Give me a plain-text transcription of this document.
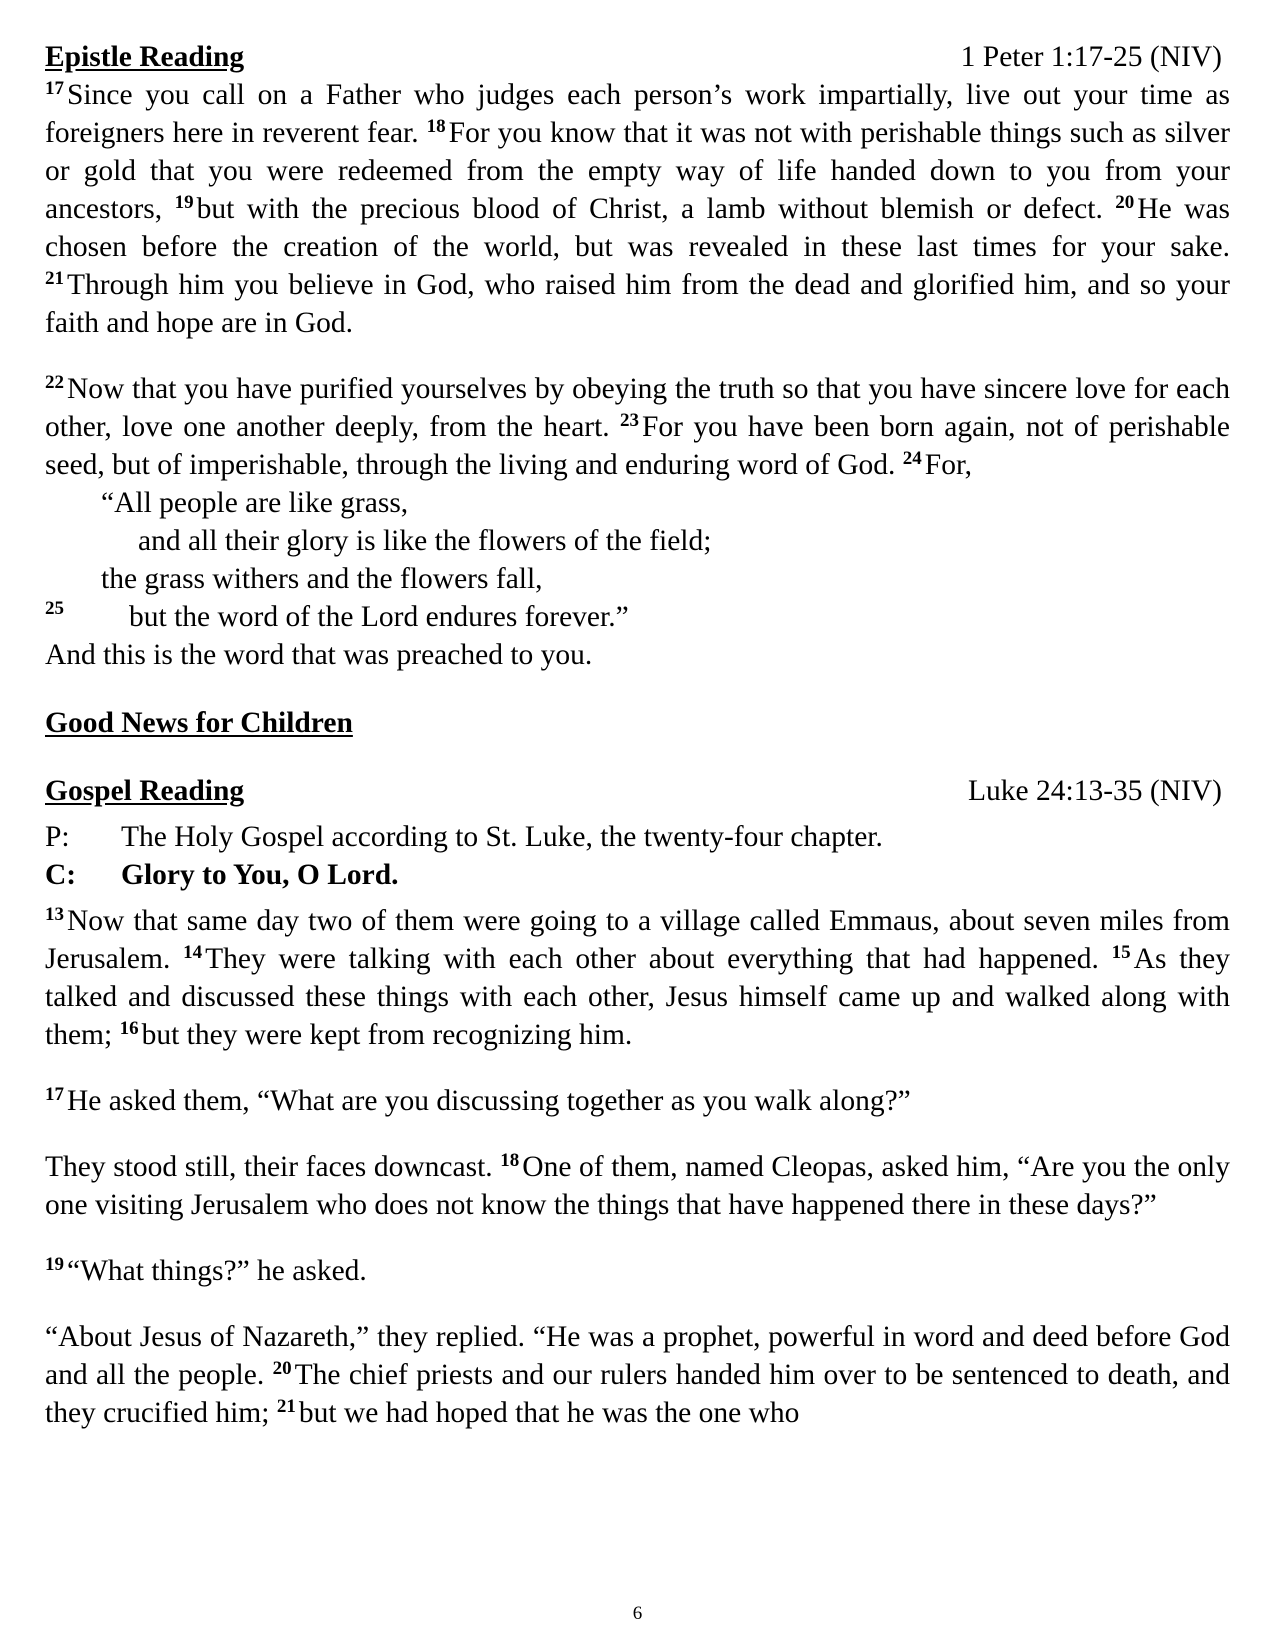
Epistle Reading	1 Peter 1:17-25 (NIV)

$^{17}$ Since you call on a Father who judges each person’s work impartially, live out your time as foreigners here in reverent fear. $^{18}$ For you know that it was not with perishable things such as silver or gold that you were redeemed from the empty way of life handed down to you from your ancestors, $^{19}$ but with the precious blood of Christ, a lamb without blemish or defect. $^{20}$ He was chosen before the creation of the world, but was revealed in these last times for your sake. $^{21}$ Through him you believe in God, who raised him from the dead and glorified him, and so your faith and hope are in God.

$^{22}$ Now that you have purified yourselves by obeying the truth so that you have sincere love for each other, love one another deeply, from the heart. $^{23}$ For you have been born again, not of perishable seed, but of imperishable, through the living and enduring word of God. $^{24}$ For,

“All people are like grass,
and all their glory is like the flowers of the field;
the grass withers and the flowers fall,
25 but the word of the Lord endures forever.”

And this is the word that was preached to you.

Good News for Children
Gospel Reading	Luke 24:13-35 (NIV)
P:	The Holy Gospel according to St. Luke, the twenty-four chapter.
C:	Glory to You, O Lord.

$^{13}$ Now that same day two of them were going to a village called Emmaus, about seven miles from Jerusalem. $^{14}$ They were talking with each other about everything that had happened. $^{15}$ As they talked and discussed these things with each other, Jesus himself came up and walked along with them; $^{16}$ but they were kept from recognizing him.

$^{17}$ He asked them, “What are you discussing together as you walk along?”

They stood still, their faces downcast. $^{18}$ One of them, named Cleopas, asked him, “Are you the only one visiting Jerusalem who does not know the things that have happened there in these days?”

$^{19}$ “What things?” he asked.

“About Jesus of Nazareth,” they replied. “He was a prophet, powerful in word and deed before God and all the people. $^{20}$ The chief priests and our rulers handed him over to be sentenced to death, and they crucified him; $^{21}$ but we had hoped that he was the one who

6
